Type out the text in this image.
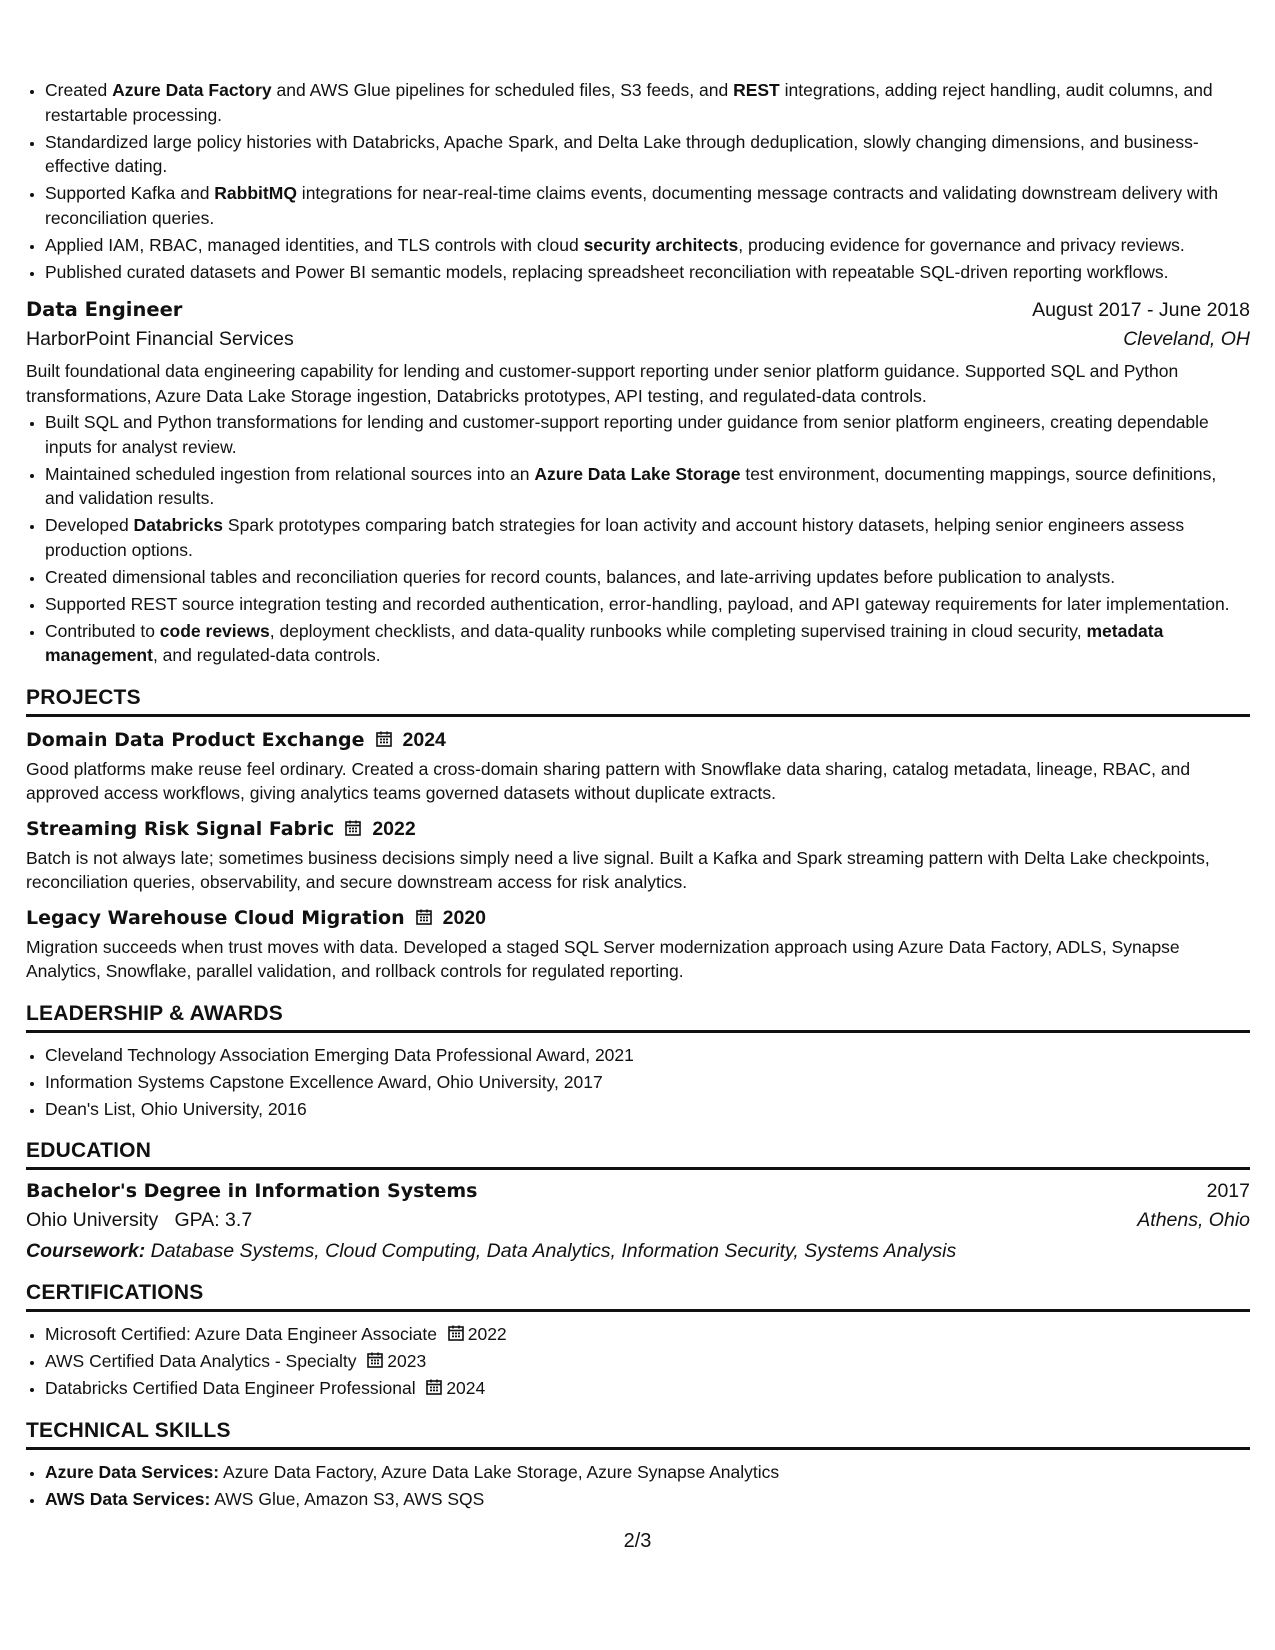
• Created Azure Data Factory and AWS Glue pipelines for scheduled files, S3 feeds, and REST integrations, adding reject handling, audit columns, and restartable processing.
• Standardized large policy histories with Databricks, Apache Spark, and Delta Lake through deduplication, slowly changing dimensions, and business-effective dating.
• Supported Kafka and RabbitMQ integrations for near-real-time claims events, documenting message contracts and validating downstream delivery with reconciliation queries.
• Applied IAM, RBAC, managed identities, and TLS controls with cloud security architects, producing evidence for governance and privacy reviews.
• Published curated datasets and Power BI semantic models, replacing spreadsheet reconciliation with repeatable SQL-driven reporting workflows.
Data Engineer	August 2017 - June 2018
HarborPoint Financial Services	Cleveland, OH
Built foundational data engineering capability for lending and customer-support reporting under senior platform guidance. Supported SQL and Python transformations, Azure Data Lake Storage ingestion, Databricks prototypes, API testing, and regulated-data controls.
• Built SQL and Python transformations for lending and customer-support reporting under guidance from senior platform engineers, creating dependable inputs for analyst review.
• Maintained scheduled ingestion from relational sources into an Azure Data Lake Storage test environment, documenting mappings, source definitions, and validation results.
• Developed Databricks Spark prototypes comparing batch strategies for loan activity and account history datasets, helping senior engineers assess production options.
• Created dimensional tables and reconciliation queries for record counts, balances, and late-arriving updates before publication to analysts.
• Supported REST source integration testing and recorded authentication, error-handling, payload, and API gateway requirements for later implementation.
• Contributed to code reviews, deployment checklists, and data-quality runbooks while completing supervised training in cloud security, metadata management, and regulated-data controls.
PROJECTS
Domain Data Product Exchange 2024
Good platforms make reuse feel ordinary. Created a cross-domain sharing pattern with Snowflake data sharing, catalog metadata, lineage, RBAC, and approved access workflows, giving analytics teams governed datasets without duplicate extracts.
Streaming Risk Signal Fabric 2022
Batch is not always late; sometimes business decisions simply need a live signal. Built a Kafka and Spark streaming pattern with Delta Lake checkpoints, reconciliation queries, observability, and secure downstream access for risk analytics.
Legacy Warehouse Cloud Migration 2020
Migration succeeds when trust moves with data. Developed a staged SQL Server modernization approach using Azure Data Factory, ADLS, Synapse Analytics, Snowflake, parallel validation, and rollback controls for regulated reporting.
LEADERSHIP & AWARDS
• Cleveland Technology Association Emerging Data Professional Award, 2021
• Information Systems Capstone Excellence Award, Ohio University, 2017
• Dean's List, Ohio University, 2016
EDUCATION
Bachelor's Degree in Information Systems	2017
Ohio University GPA: 3.7	Athens, Ohio
Coursework: Database Systems, Cloud Computing, Data Analytics, Information Security, Systems Analysis
CERTIFICATIONS
• Microsoft Certified: Azure Data Engineer Associate 2022
• AWS Certified Data Analytics - Specialty 2023
• Databricks Certified Data Engineer Professional 2024
TECHNICAL SKILLS
• Azure Data Services: Azure Data Factory, Azure Data Lake Storage, Azure Synapse Analytics
• AWS Data Services: AWS Glue, Amazon S3, AWS SQS
2/3
